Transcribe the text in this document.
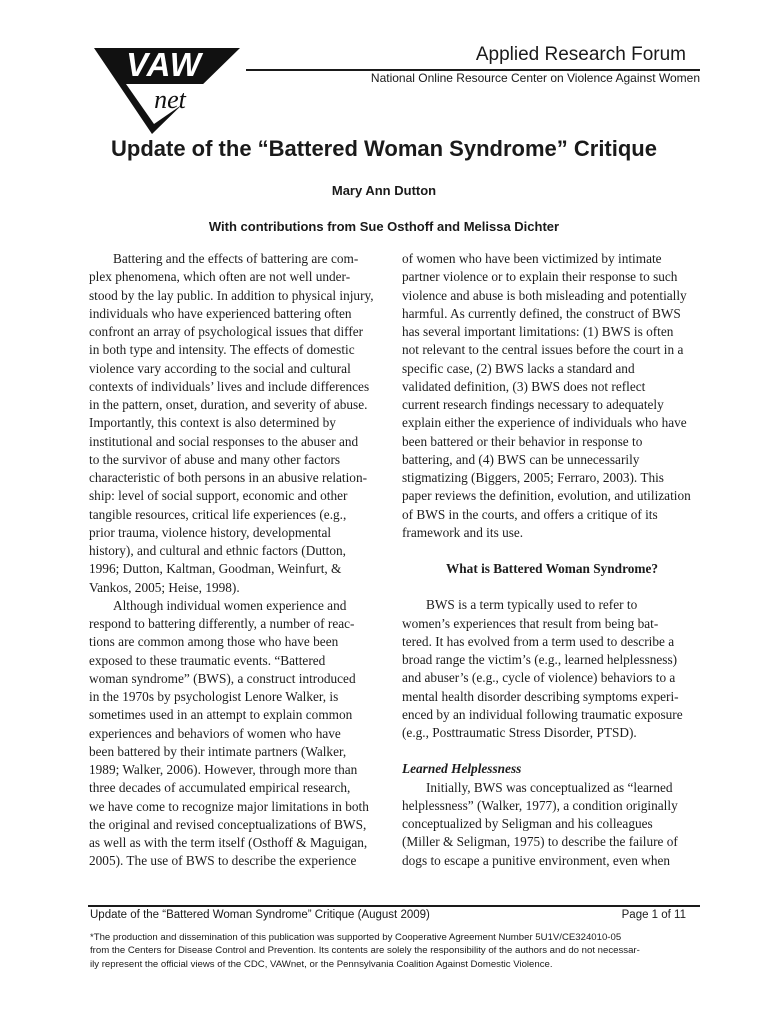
VAW
net
Applied Research Forum
National Online Resource Center on Violence Against Women
Update of the “Battered Woman Syndrome” Critique
Mary Ann Dutton
With contributions from Sue Osthoff and Melissa Dichter
Battering and the effects of battering are com-
plex phenomena, which often are not well under-
stood by the lay public. In addition to physical injury,
individuals who have experienced battering often
confront an array of psychological issues that differ
in both type and intensity. The effects of domestic
violence vary according to the social and cultural
contexts of individuals’ lives and include differences
in the pattern, onset, duration, and severity of abuse.
Importantly, this context is also determined by
institutional and social responses to the abuser and
to the survivor of abuse and many other factors
characteristic of both persons in an abusive relation-
ship: level of social support, economic and other
tangible resources, critical life experiences (e.g.,
prior trauma, violence history, developmental
history), and cultural and ethnic factors (Dutton,
1996; Dutton, Kaltman, Goodman, Weinfurt, &
Vankos, 2005; Heise, 1998).
Although individual women experience and
respond to battering differently, a number of reac-
tions are common among those who have been
exposed to these traumatic events. “Battered
woman syndrome” (BWS), a construct introduced
in the 1970s by psychologist Lenore Walker, is
sometimes used in an attempt to explain common
experiences and behaviors of women who have
been battered by their intimate partners (Walker,
1989; Walker, 2006). However, through more than
three decades of accumulated empirical research,
we have come to recognize major limitations in both
the original and revised conceptualizations of BWS,
as well as with the term itself (Osthoff & Maguigan,
2005). The use of BWS to describe the experience
of women who have been victimized by intimate
partner violence or to explain their response to such
violence and abuse is both misleading and potentially
harmful. As currently defined, the construct of BWS
has several important limitations: (1) BWS is often
not relevant to the central issues before the court in a
specific case, (2) BWS lacks a standard and
validated definition, (3) BWS does not reflect
current research findings necessary to adequately
explain either the experience of individuals who have
been battered or their behavior in response to
battering, and (4) BWS can be unnecessarily
stigmatizing (Biggers, 2005; Ferraro, 2003). This
paper reviews the definition, evolution, and utilization
of BWS in the courts, and offers a critique of its
framework and its use.

What is Battered Woman Syndrome?

BWS is a term typically used to refer to
women’s experiences that result from being bat-
tered. It has evolved from a term used to describe a
broad range the victim’s (e.g., learned helplessness)
and abuser’s (e.g., cycle of violence) behaviors to a
mental health disorder describing symptoms experi-
enced by an individual following traumatic exposure
(e.g., Posttraumatic Stress Disorder, PTSD).

Learned Helplessness

Initially, BWS was conceptualized as “learned
helplessness” (Walker, 1977), a condition originally
conceptualized by Seligman and his colleagues
(Miller & Seligman, 1975) to describe the failure of
dogs to escape a punitive environment, even when
Update of the “Battered Woman Syndrome” Critique (August 2009)	Page 1 of 11
*The production and dissemination of this publication was supported by Cooperative Agreement Number 5U1V/CE324010-05
from the Centers for Disease Control and Prevention. Its contents are solely the responsibility of the authors and do not necessar-
ily represent the official views of the CDC, VAWnet, or the Pennsylvania Coalition Against Domestic Violence.
